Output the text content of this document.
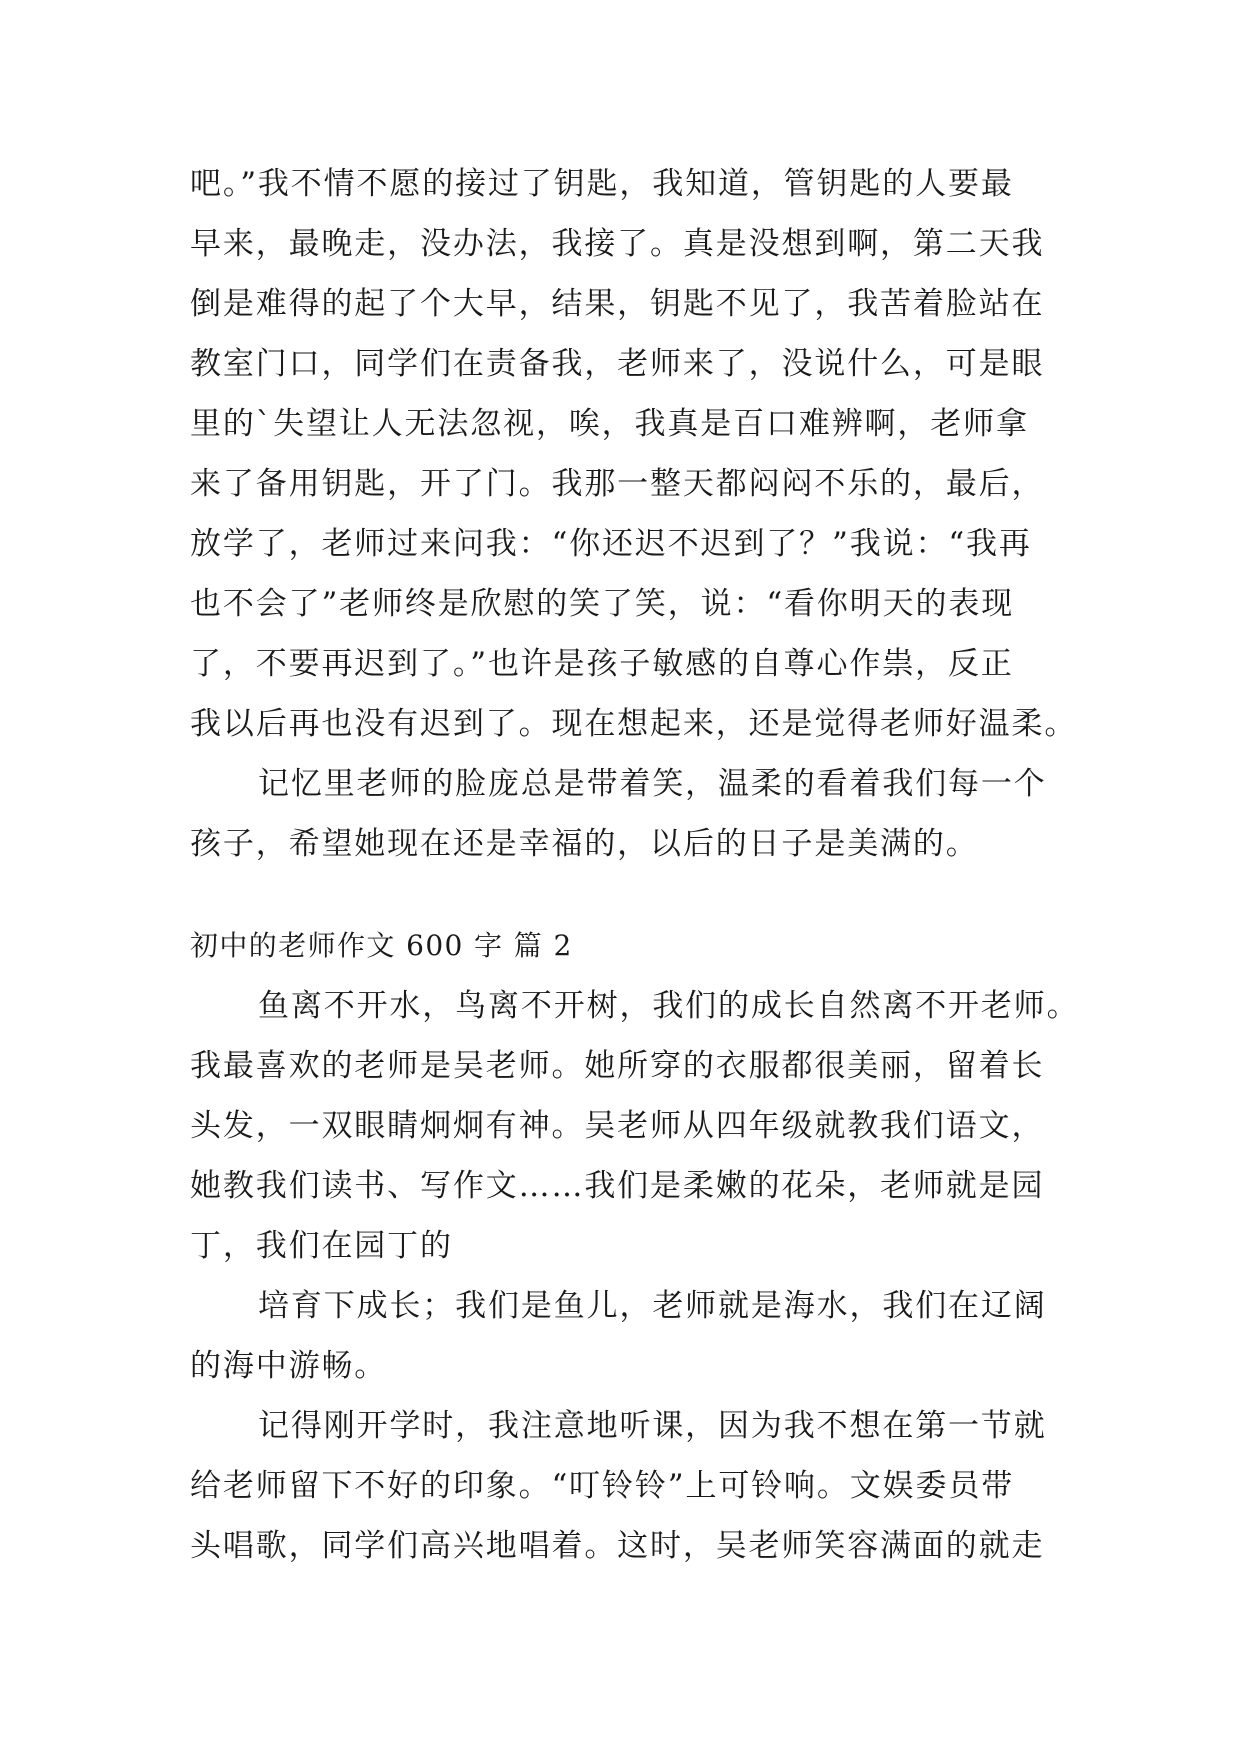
吧。”我不情不愿的接过了钥匙，我知道，管钥匙的人要最
早来，最晚走，没办法，我接了。真是没想到啊，第二天我
倒是难得的起了个大早，结果，钥匙不见了，我苦着脸站在
教室门口，同学们在责备我，老师来了，没说什么，可是眼
里的`失望让人无法忽视，唉，我真是百口难辨啊，老师拿
来了备用钥匙，开了门。我那一整天都闷闷不乐的，最后，
放学了，老师过来问我：“你还迟不迟到了？”我说：“我再
也不会了”老师终是欣慰的笑了笑，说：“看你明天的表现
了，不要再迟到了。”也许是孩子敏感的自尊心作祟，反正
我以后再也没有迟到了。现在想起来，还是觉得老师好温柔。
记忆里老师的脸庞总是带着笑，温柔的看着我们每一个
孩子，希望她现在还是幸福的，以后的日子是美满的。
初中的老师作文 600 字 篇 2
鱼离不开水，鸟离不开树，我们的成长自然离不开老师。
我最喜欢的老师是吴老师。她所穿的衣服都很美丽，留着长
头发，一双眼睛炯炯有神。吴老师从四年级就教我们语文，
她教我们读书、写作文……我们是柔嫩的花朵，老师就是园
丁，我们在园丁的
培育下成长；我们是鱼儿，老师就是海水，我们在辽阔
的海中游畅。
记得刚开学时，我注意地听课，因为我不想在第一节就
给老师留下不好的印象。“叮铃铃”上可铃响。文娱委员带
头唱歌，同学们高兴地唱着。这时，吴老师笑容满面的就走
